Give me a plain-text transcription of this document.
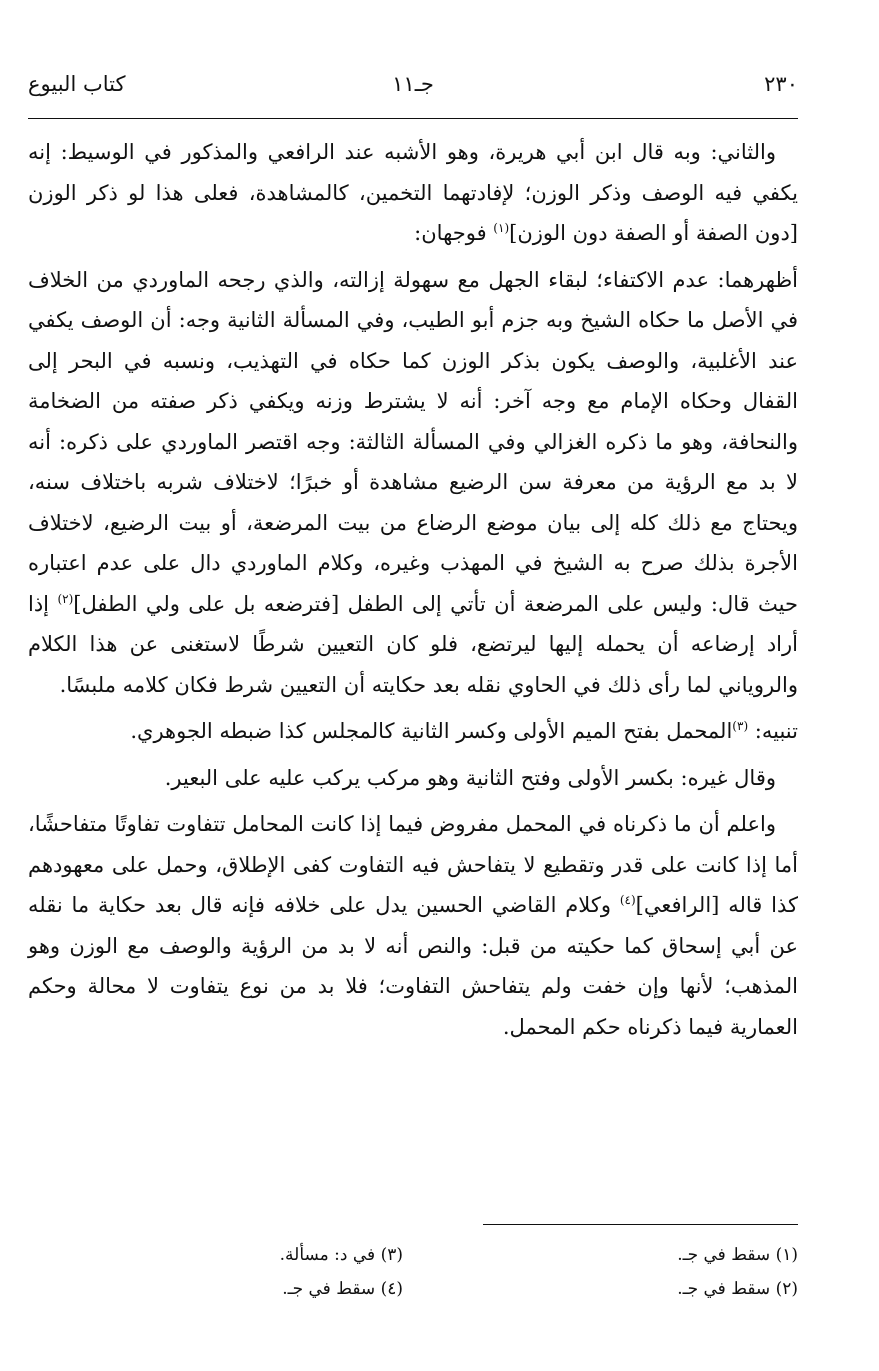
٢٣٠
جـ١١
كتاب البيوع

والثاني: وبه قال ابن أبي هريرة، وهو الأشبه عند الرافعي والمذكور في الوسيط: إنه يكفي فيه الوصف وذكر الوزن؛ لإفادتهما التخمين، كالمشاهدة، فعلى هذا لو ذكر الوزن [دون الصفة أو الصفة دون الوزن]$^{(١)}$ فوجهان:

أظهرهما: عدم الاكتفاء؛ لبقاء الجهل مع سهولة إزالته، والذي رجحه الماوردي من الخلاف في الأصل ما حكاه الشيخ وبه جزم أبو الطيب، وفي المسألة الثانية وجه: أن الوصف يكفي عند الأغلبية، والوصف يكون بذكر الوزن كما حكاه في التهذيب، ونسبه في البحر إلى القفال وحكاه الإمام مع وجه آخر: أنه لا يشترط وزنه ويكفي ذكر صفته من الضخامة والنحافة، وهو ما ذكره الغزالي وفي المسألة الثالثة: وجه اقتصر الماوردي على ذكره: أنه لا بد مع الرؤية من معرفة سن الرضيع مشاهدة أو خبرًا؛ لاختلاف شربه باختلاف سنه، ويحتاج مع ذلك كله إلى بيان موضع الرضاع من بيت المرضعة، أو بيت الرضيع، لاختلاف الأجرة بذلك صرح به الشيخ في المهذب وغيره، وكلام الماوردي دال على عدم اعتباره حيث قال: وليس على المرضعة أن تأتي إلى الطفل [فترضعه بل على ولي الطفل]$^{(٢)}$ إذا أراد إرضاعه أن يحمله إليها ليرتضع، فلو كان التعيين شرطًا لاستغنى عن هذا الكلام والروياني لما رأى ذلك في الحاوي نقله بعد حكايته أن التعيين شرط فكان كلامه ملبسًا.

تنبيه: $^{(٣)}$المحمل بفتح الميم الأولى وكسر الثانية كالمجلس كذا ضبطه الجوهري.

وقال غيره: بكسر الأولى وفتح الثانية وهو مركب يركب عليه على البعير.

واعلم أن ما ذكرناه في المحمل مفروض فيما إذا كانت المحامل تتفاوت تفاوتًا متفاحشًا، أما إذا كانت على قدر وتقطيع لا يتفاحش فيه التفاوت كفى الإطلاق، وحمل على معهودهم كذا قاله [الرافعي]$^{(٤)}$ وكلام القاضي الحسين يدل على خلافه فإنه قال بعد حكاية ما نقله عن أبي إسحاق كما حكيته من قبل: والنص أنه لا بد من الرؤية والوصف مع الوزن وهو المذهب؛ لأنها وإن خفت ولم يتفاحش التفاوت؛ فلا بد من نوع يتفاوت لا محالة وحكم العمارية فيما ذكرناه حكم المحمل.

(١) سقط في جـ.
(٢) سقط في جـ.
(٣) في د: مسألة.
(٤) سقط في جـ.
